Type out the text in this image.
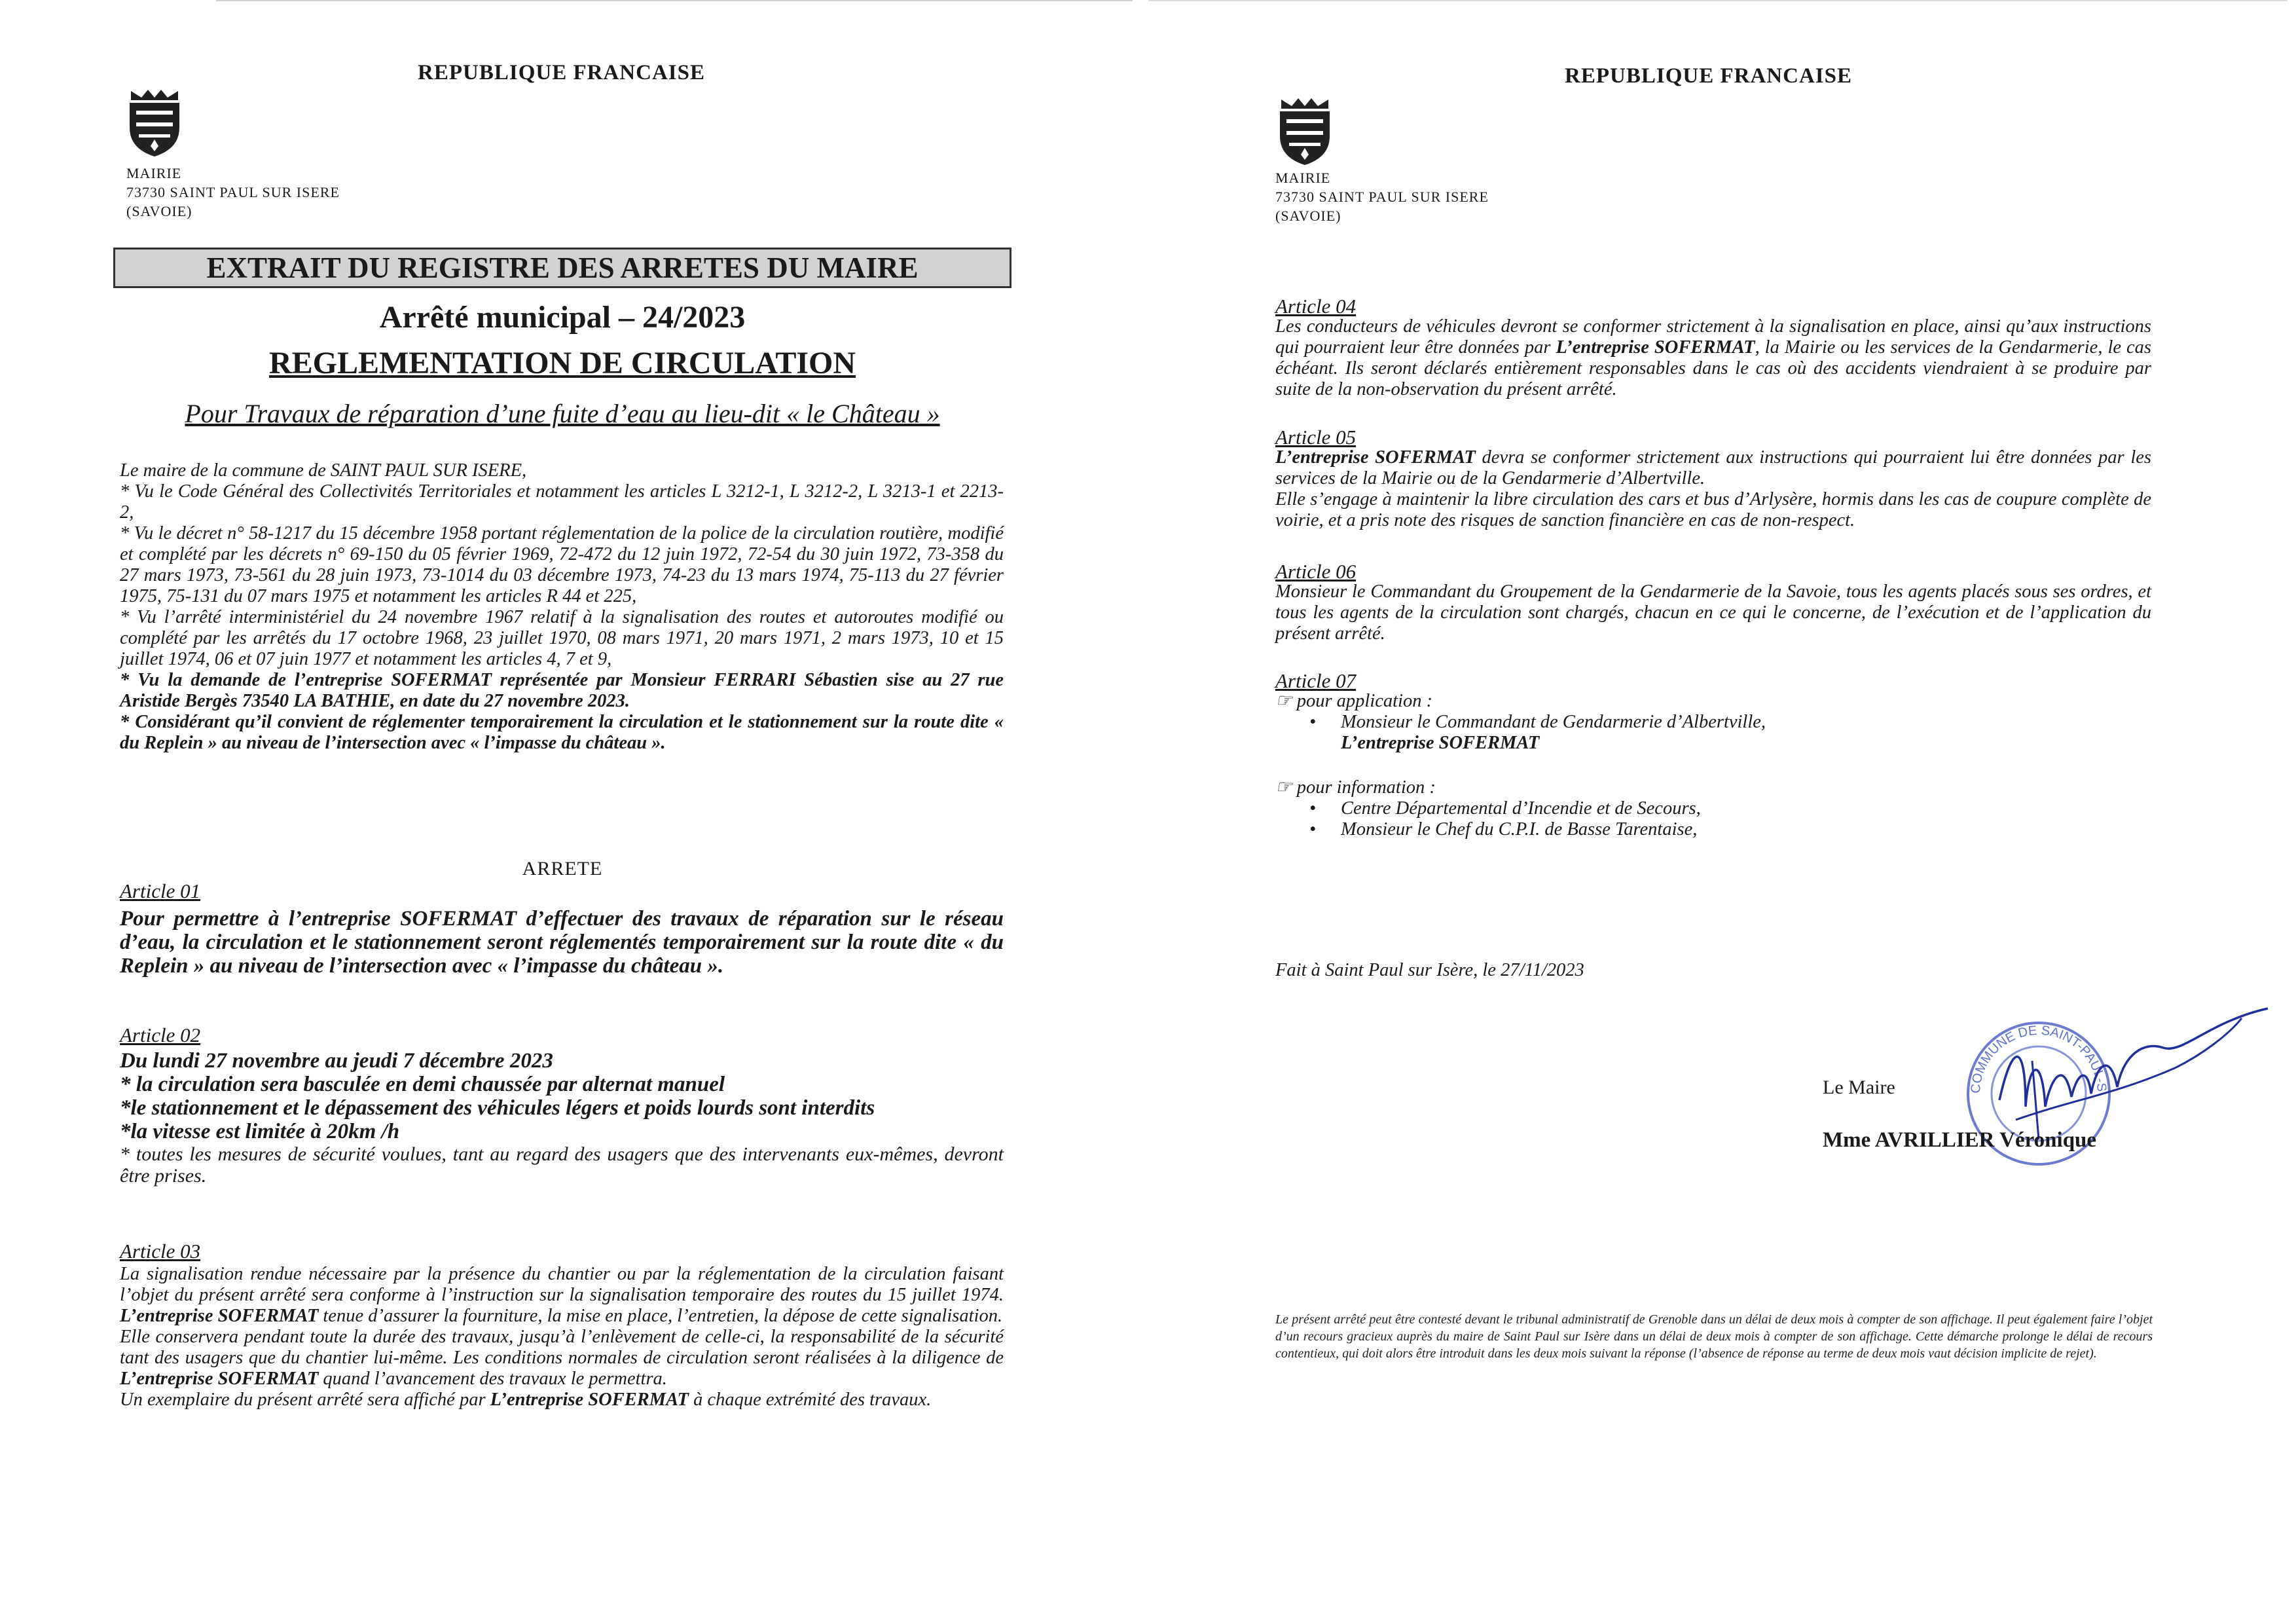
REPUBLIQUE FRANCAISE
MAIRIE
73730 SAINT PAUL SUR ISERE
(SAVOIE)
EXTRAIT DU REGISTRE DES ARRETES DU MAIRE
Arrêté municipal – 24/2023
REGLEMENTATION DE CIRCULATION
Pour Travaux de réparation d’une fuite d’eau au lieu-dit « le Château »

Le maire de la commune de SAINT PAUL SUR ISERE,

* Vu le Code Général des Collectivités Territoriales et notamment les articles L 3212-1, L 3212-2, L 3213-1 et 2213-2,

* Vu le décret n° 58-1217 du 15 décembre 1958 portant réglementation de la police de la circulation routière, modifié et complété par les décrets n° 69-150 du 05 février 1969, 72-472 du 12 juin 1972, 72-54 du 30 juin 1972, 73-358 du 27 mars 1973, 73-561 du 28 juin 1973, 73-1014 du 03 décembre 1973, 74-23 du 13 mars 1974, 75-113 du 27 février 1975, 75-131 du 07 mars 1975 et notamment les articles R 44 et 225,

* Vu l’arrêté interministériel du 24 novembre 1967 relatif à la signalisation des routes et autoroutes modifié ou complété par les arrêtés du 17 octobre 1968, 23 juillet 1970, 08 mars 1971, 20 mars 1971, 2 mars 1973, 10 et 15 juillet 1974, 06 et 07 juin 1977 et notamment les articles 4, 7 et 9,

* Vu la demande de l’entreprise SOFERMAT représentée par Monsieur FERRARI Sébastien sise au 27 rue Aristide Bergès 73540 LA BATHIE, en date du 27 novembre 2023.

* Considérant qu’il convient de réglementer temporairement la circulation et le stationnement sur la route dite « du Replein » au niveau de l’intersection avec « l’impasse du château ».

ARRETE
Article 01
Pour permettre à l’entreprise SOFERMAT d’effectuer des travaux de réparation sur le réseau d’eau, la circulation et le stationnement seront réglementés temporairement sur la route dite « du Replein » au niveau de l’intersection avec « l’impasse du château ».
Article 02

Du lundi 27 novembre au jeudi 7 décembre 2023

* la circulation sera basculée en demi chaussée par alternat manuel

*le stationnement et le dépassement des véhicules légers et poids lourds sont interdits

*la vitesse est limitée à 20km /h

* toutes les mesures de sécurité voulues, tant au regard des usagers que des intervenants eux-mêmes, devront être prises.

Article 03

La signalisation rendue nécessaire par la présence du chantier ou par la réglementation de la circulation faisant l’objet du présent arrêté sera conforme à l’instruction sur la signalisation temporaire des routes du 15 juillet 1974. L’entreprise SOFERMAT tenue d’assurer la fourniture, la mise en place, l’entretien, la dépose de cette signalisation.

Elle conservera pendant toute la durée des travaux, jusqu’à l’enlèvement de celle-ci, la responsabilité de la sécurité tant des usagers que du chantier lui-même. Les conditions normales de circulation seront réalisées à la diligence de L’entreprise SOFERMAT quand l’avancement des travaux le permettra.

Un exemplaire du présent arrêté sera affiché par L’entreprise SOFERMAT à chaque extrémité des travaux.

REPUBLIQUE FRANCAISE
MAIRIE
73730 SAINT PAUL SUR ISERE
(SAVOIE)
Article 04

Les conducteurs de véhicules devront se conformer strictement à la signalisation en place, ainsi qu’aux instructions qui pourraient leur être données par L’entreprise SOFERMAT, la Mairie ou les services de la Gendarmerie, le cas échéant. Ils seront déclarés entièrement responsables dans le cas où des accidents viendraient à se produire par suite de la non-observation du présent arrêté.

Article 05

L’entreprise SOFERMAT devra se conformer strictement aux instructions qui pourraient lui être données par les services de la Mairie ou de la Gendarmerie d’Albertville.

Elle s’engage à maintenir la libre circulation des cars et bus d’Arlysère, hormis dans les cas de coupure complète de voirie, et a pris note des risques de sanction financière en cas de non-respect.

Article 06
Monsieur le Commandant du Groupement de la Gendarmerie de la Savoie, tous les agents placés sous ses ordres, et tous les agents de la circulation sont chargés, chacun en ce qui le concerne, de l’exécution et de l’application du présent arrêté.
Article 07

☞ pour application :

• Monsieur le Commandant de Gendarmerie d’Albertville,
L’entreprise SOFERMAT

☞ pour information :

• Centre Départemental d’Incendie et de Secours,
• Monsieur le Chef du C.P.I. de Basse Tarentaise,
Fait à Saint Paul sur Isère, le 27/11/2023
COMMUNE DE SAINT-PAUL-S
Le Maire
Mme AVRILLIER Véronique
Le présent arrêté peut être contesté devant le tribunal administratif de Grenoble dans un délai de deux mois à compter de son affichage. Il peut également faire l’objet d’un recours gracieux auprès du maire de Saint Paul sur Isère dans un délai de deux mois à compter de son affichage. Cette démarche prolonge le délai de recours contentieux, qui doit alors être introduit dans les deux mois suivant la réponse (l’absence de réponse au terme de deux mois vaut décision implicite de rejet).
